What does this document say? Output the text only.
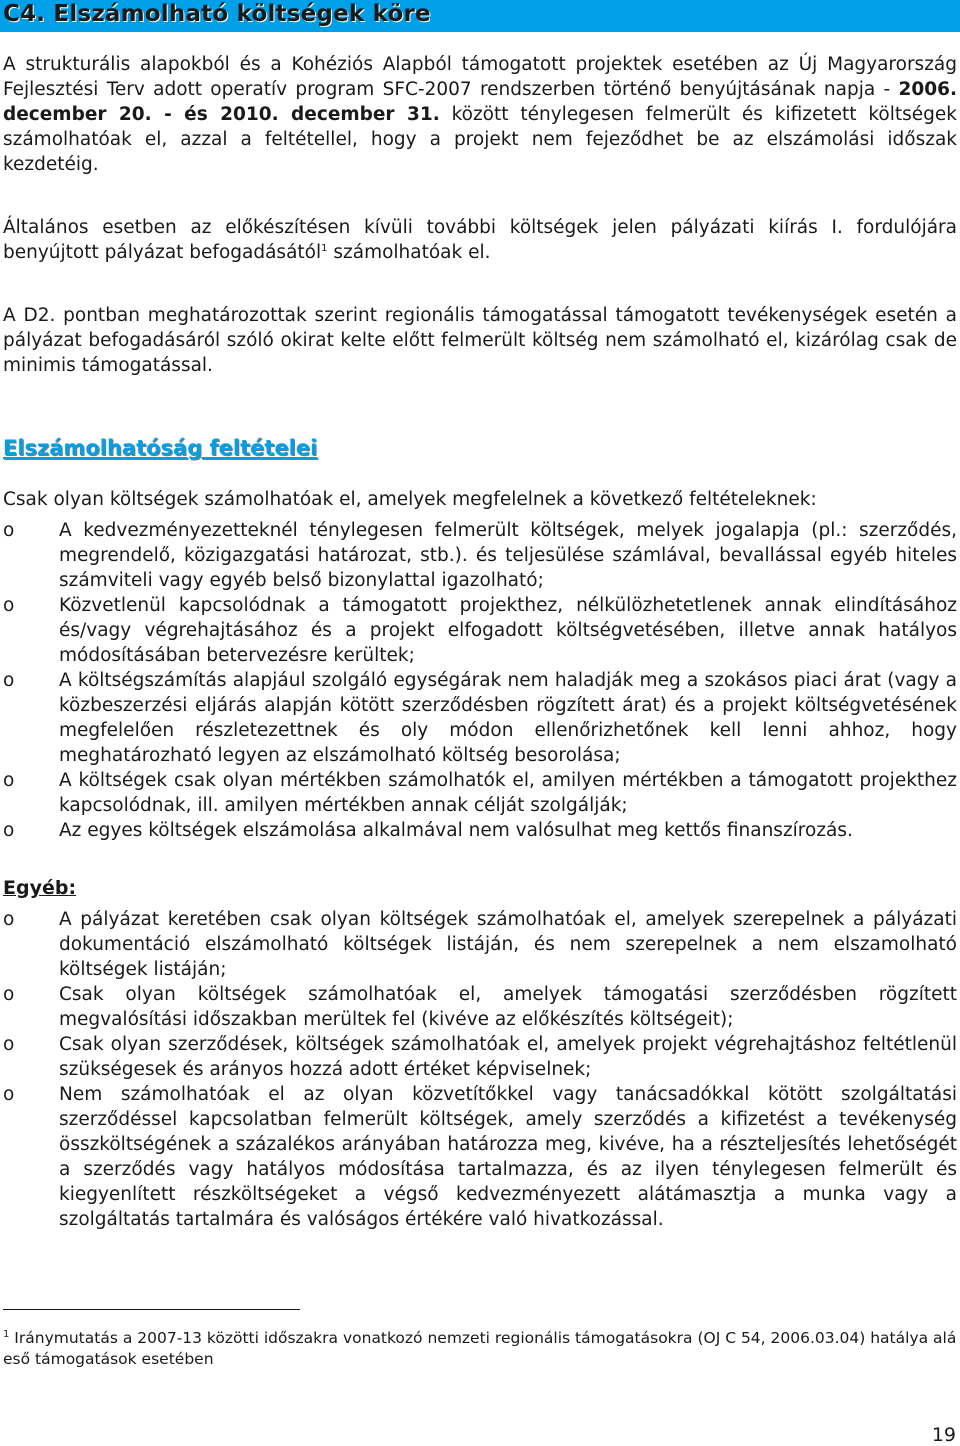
C4. Elszámolható költségek köre

A strukturális alapokból és a Kohéziós Alapból támogatott projektek esetében az Új Magyarország Fejlesztési Terv adott operatív program SFC-2007 rendszerben történő benyújtásának napja - 2006. december 20. - és 2010. december 31. között ténylegesen felmerült és kifizetett költségek számolhatóak el, azzal a feltétellel, hogy a projekt nem fejeződhet be az elszámolási időszak kezdetéig.

Általános esetben az előkészítésen kívüli további költségek jelen pályázati kiírás I. fordulójára benyújtott pályázat befogadásától$^1$ számolhatóak el.

A D2. pontban meghatározottak szerint regionális támogatással támogatott tevékenységek esetén a pályázat befogadásáról szóló okirat kelte előtt felmerült költség nem számolható el, kizárólag csak de minimis támogatással.

Elszámolhatóság feltételei

Csak olyan költségek számolhatóak el, amelyek megfelelnek a következő feltételeknek:

o A kedvezményezetteknél ténylegesen felmerült költségek, melyek jogalapja (pl.: szerződés, megrendelő, közigazgatási határozat, stb.). és teljesülése számlával, bevallással egyéb hiteles számviteli vagy egyéb belső bizonylattal igazolható;
o Közvetlenül kapcsolódnak a támogatott projekthez, nélkülözhetetlenek annak elindításához és/vagy végrehajtásához és a projekt elfogadott költségvetésében, illetve annak hatályos módosításában betervezésre kerültek;
o A költségszámítás alapjául szolgáló egységárak nem haladják meg a szokásos piaci árat (vagy a közbeszerzési eljárás alapján kötött szerződésben rögzített árat) és a projekt költségvetésének megfelelően részletezettnek és oly módon ellenőrizhetőnek kell lenni ahhoz, hogy meghatározható legyen az elszámolható költség besorolása;
o A költségek csak olyan mértékben számolhatók el, amilyen mértékben a támogatott projekthez kapcsolódnak, ill. amilyen mértékben annak célját szolgálják;
o Az egyes költségek elszámolása alkalmával nem valósulhat meg kettős finanszírozás.
Egyéb:
o A pályázat keretében csak olyan költségek számolhatóak el, amelyek szerepelnek a pályázati dokumentáció elszámolható költségek listáján, és nem szerepelnek a nem elszamolható költségek listáján;
o Csak olyan költségek számolhatóak el, amelyek támogatási szerződésben rögzített megvalósítási időszakban merültek fel (kivéve az előkészítés költségeit);
o Csak olyan szerződések, költségek számolhatóak el, amelyek projekt végrehajtáshoz feltétlenül szükségesek és arányos hozzá adott értéket képviselnek;
o Nem számolhatóak el az olyan közvetítőkkel vagy tanácsadókkal kötött szolgáltatási szerződéssel kapcsolatban felmerült költségek, amely szerződés a kifizetést a tevékenység összköltségének a százalékos arányában határozza meg, kivéve, ha a részteljesítés lehetőségét a szerződés vagy hatályos módosítása tartalmazza, és az ilyen ténylegesen felmerült és kiegyenlített részköltségeket a végső kedvezményezett alátámasztja a munka vagy a szolgáltatás tartalmára és valóságos értékére való hivatkozással.

$^1$ Iránymutatás a 2007-13 közötti időszakra vonatkozó nemzeti regionális támogatásokra (OJ C 54, 2006.03.04) hatálya alá eső támogatások esetében

19
